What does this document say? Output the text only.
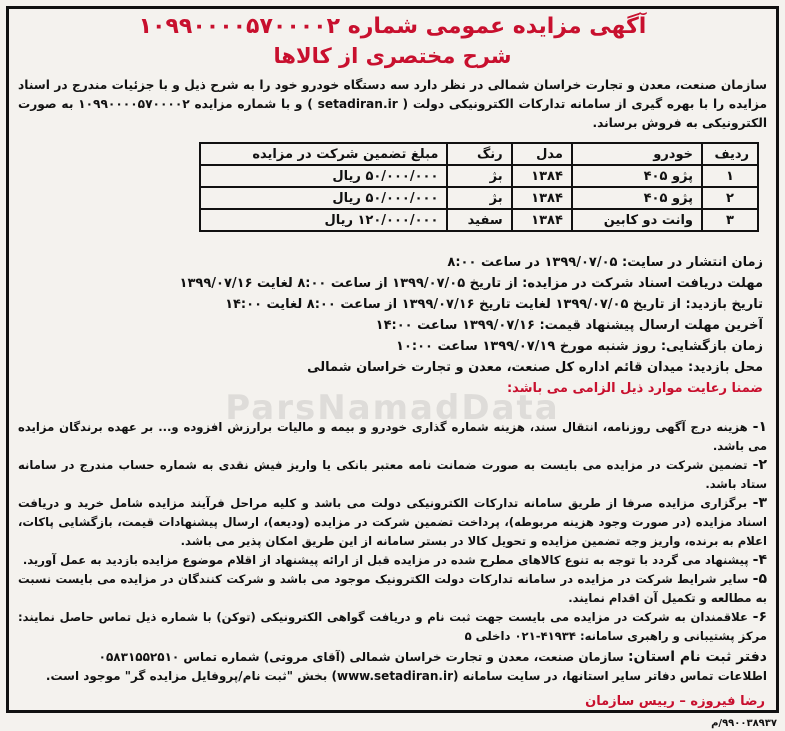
ParsNamadData
آگهی مزایده عمومی شماره ۱۰۹۹۰۰۰۰۵۷۰۰۰۰۲
شرح مختصری از کالاها
سازمان صنعت، معدن و تجارت خراسان شمالی در نظر دارد سه دستگاه خودرو خود را به شرح ذیل و با جزئیات مندرج در اسناد مزایده را با بهره گیری از سامانه تدارکات الکترونیکی دولت ( setadiran.ir ) و با شماره مزایده ۱۰۹۹۰۰۰۰۵۷۰۰۰۰۲ به صورت الکترونیکی به فروش برساند.
ردیف	خودرو	مدل	رنگ	مبلغ تضمین شرکت در مزایده
۱	پژو ۴۰۵	۱۳۸۴	بژ	۵۰/۰۰۰/۰۰۰ ریال
۲	پژو ۴۰۵	۱۳۸۴	بژ	۵۰/۰۰۰/۰۰۰ ریال
۳	وانت دو کابین	۱۳۸۴	سفید	۱۲۰/۰۰۰/۰۰۰ ریال
زمان انتشار در سایت: ۱۳۹۹/۰۷/۰۵ در ساعت ۸:۰۰
مهلت دریافت اسناد شرکت در مزایده: از تاریخ ۱۳۹۹/۰۷/۰۵ از ساعت ۸:۰۰ لغایت ۱۳۹۹/۰۷/۱۶
تاریخ بازدید: از تاریخ ۱۳۹۹/۰۷/۰۵ لغایت تاریخ ۱۳۹۹/۰۷/۱۶ از ساعت ۸:۰۰ لغایت ۱۴:۰۰
آخرین مهلت ارسال پیشنهاد قیمت: ۱۳۹۹/۰۷/۱۶ ساعت ۱۴:۰۰
زمان بازگشایی: روز شنبه مورخ ۱۳۹۹/۰۷/۱۹ ساعت ۱۰:۰۰
محل بازدید: میدان قائم اداره کل صنعت، معدن و تجارت خراسان شمالی
ضمنا رعایت موارد ذیل الزامی می باشد:

۱- هزینه درج آگهی روزنامه، انتقال سند، هزینه شماره گذاری خودرو و بیمه و مالیات برارزش افزوده و... بر عهده برندگان مزایده می باشد.

۲- تضمین شرکت در مزایده می بایست به صورت ضمانت نامه معتبر بانکی یا واریز فیش نقدی به شماره حساب مندرج در سامانه ستاد باشد.

۳- برگزاری مزایده صرفا از طریق سامانه تدارکات الکترونیکی دولت می باشد و کلیه مراحل فرآیند مزایده شامل خرید و دریافت اسناد مزایده (در صورت وجود هزینه مربوطه)، پرداخت تضمین شرکت در مزایده (ودیعه)، ارسال پیشنهادات قیمت، بازگشایی پاکات، اعلام به برنده، واریز وجه تضمین مزایده و تحویل کالا در بستر سامانه از این طریق امکان پذیر می باشد.

۴- پیشنهاد می گردد با توجه به تنوع کالاهای مطرح شده در مزایده قبل از ارائه پیشنهاد از اقلام موضوع مزایده بازدید به عمل آورید.

۵- سایر شرایط شرکت در مزایده در سامانه تدارکات دولت الکترونیک موجود می باشد و شرکت کنندگان در مزایده می بایست نسبت به مطالعه و تکمیل آن اقدام نمایند.

۶- علاقمندان به شرکت در مزایده می بایست جهت ثبت نام و دریافت گواهی الکترونیکی (توکن) با شماره ذیل تماس حاصل نمایند: مرکز پشتیبانی و راهبری سامانه: ۴۱۹۳۴-۰۲۱ داخلی ۵

دفتر ثبت نام استان: سازمان صنعت، معدن و تجارت خراسان شمالی (آقای مروتی) شماره تماس ۰۵۸۳۱۵۵۲۵۱۰
اطلاعات تماس دفاتر سایر استانها، در سایت سامانه (www.setadiran.ir) بخش "ثبت نام/پروفایل مزایده گر" موجود است.
رضا فیروزه – رییس سازمان
۹۹۰۰۳۸۹۳۷/م
